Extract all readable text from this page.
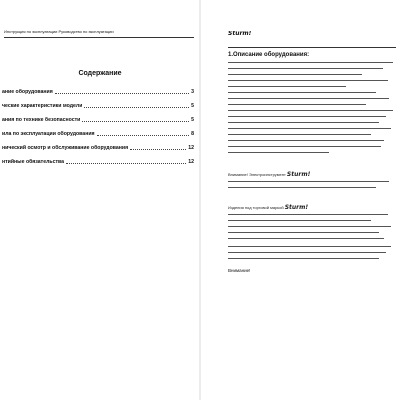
Инструкция по эксплуатации Руководство по эксплуатации
Содержание
ание оборудования	3
ческие характеристики модели	5
ания по технике безопасности	5
ила по эксплуатации оборудования	8
нический осмотр и обслуживание оборудования	12
нтийные обязательства	12
Sturm!
1.Описание оборудования:
Внимание! Электроинструмент Sturm!
Изделия под торговой маркой Sturm!
Внимание!
